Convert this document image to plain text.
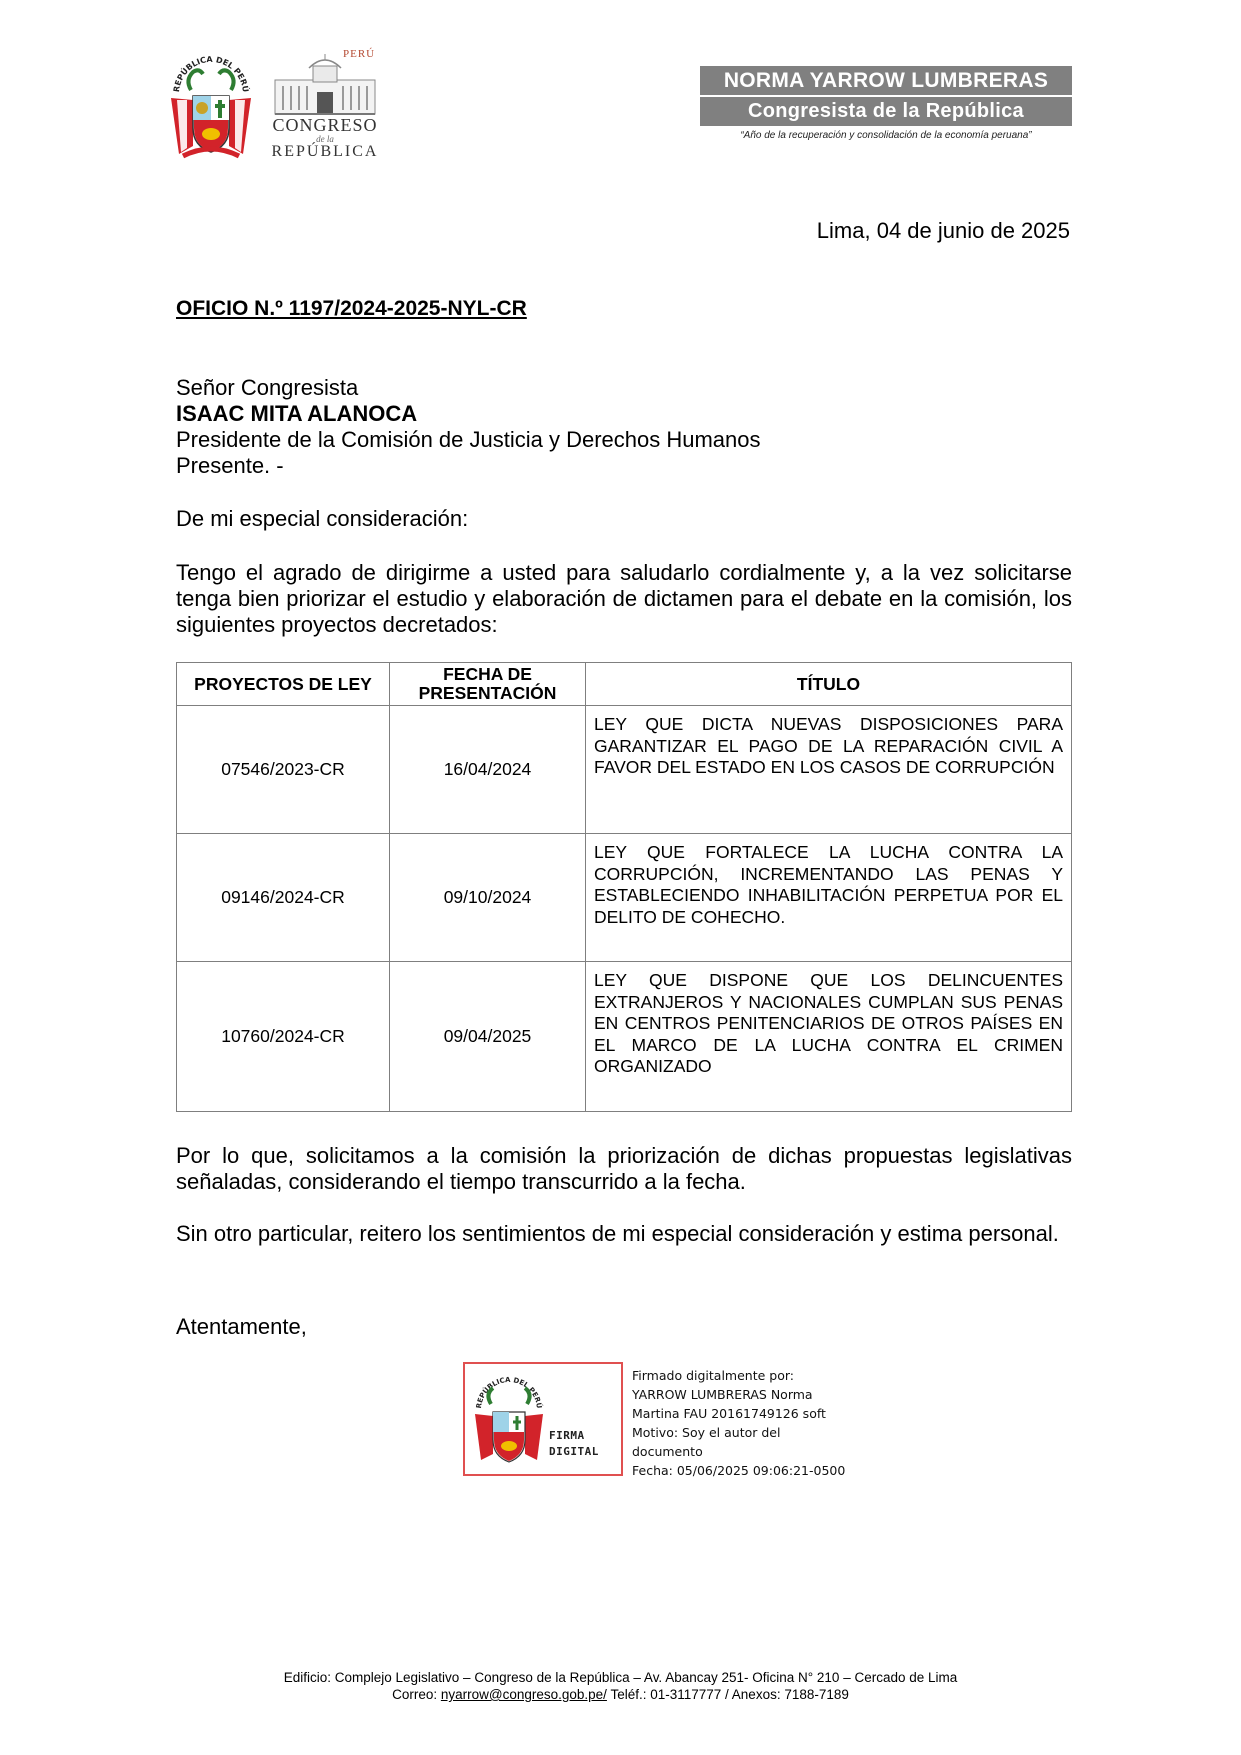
REPÚBLICA DEL PERÚ
PERÚ
CONGRESO
de la
REPÚBLICA
NORMA YARROW LUMBRERAS
Congresista de la República
“Año de la recuperación y consolidación de la economía peruana”
Lima, 04 de junio de 2025
OFICIO N.º 1197/2024-2025-NYL-CR
Señor Congresista
ISAAC MITA ALANOCA
Presidente de la Comisión de Justicia y Derechos Humanos
Presente. -
De mi especial consideración:
Tengo el agrado de dirigirme a usted para saludarlo cordialmente y, a la vez solicitarse tenga bien priorizar el estudio y elaboración de dictamen para el debate en la comisión, los siguientes proyectos decretados:
PROYECTOS DE LEY	FECHA DE PRESENTACIÓN	TÍTULO
07546/2023-CR	16/04/2024	LEY QUE DICTA NUEVAS DISPOSICIONES PARA GARANTIZAR EL PAGO DE LA REPARACIÓN CIVIL A FAVOR DEL ESTADO EN LOS CASOS DE CORRUPCIÓN
09146/2024-CR	09/10/2024	LEY QUE FORTALECE LA LUCHA CONTRA LA CORRUPCIÓN, INCREMENTANDO LAS PENAS Y ESTABLECIENDO INHABILITACIÓN PERPETUA POR EL DELITO DE COHECHO.
10760/2024-CR	09/04/2025	LEY QUE DISPONE QUE LOS DELINCUENTES EXTRANJEROS Y NACIONALES CUMPLAN SUS PENAS EN CENTROS PENITENCIARIOS DE OTROS PAÍSES EN EL MARCO DE LA LUCHA CONTRA EL CRIMEN ORGANIZADO
Por lo que, solicitamos a la comisión la priorización de dichas propuestas legislativas señaladas, considerando el tiempo transcurrido a la fecha.
Sin otro particular, reitero los sentimientos de mi especial consideración y estima personal.
Atentamente,
REPÚBLICA DEL PERÚ
FIRMA
DIGITAL
Firmado digitalmente por:
YARROW LUMBRERAS Norma
Martina FAU 20161749126 soft
Motivo: Soy el autor del
documento
Fecha: 05/06/2025 09:06:21-0500
Edificio: Complejo Legislativo – Congreso de la República – Av. Abancay 251- Oficina N° 210 – Cercado de Lima
Correo: nyarrow@congreso.gob.pe/ Teléf.: 01-3117777 / Anexos: 7188-7189
